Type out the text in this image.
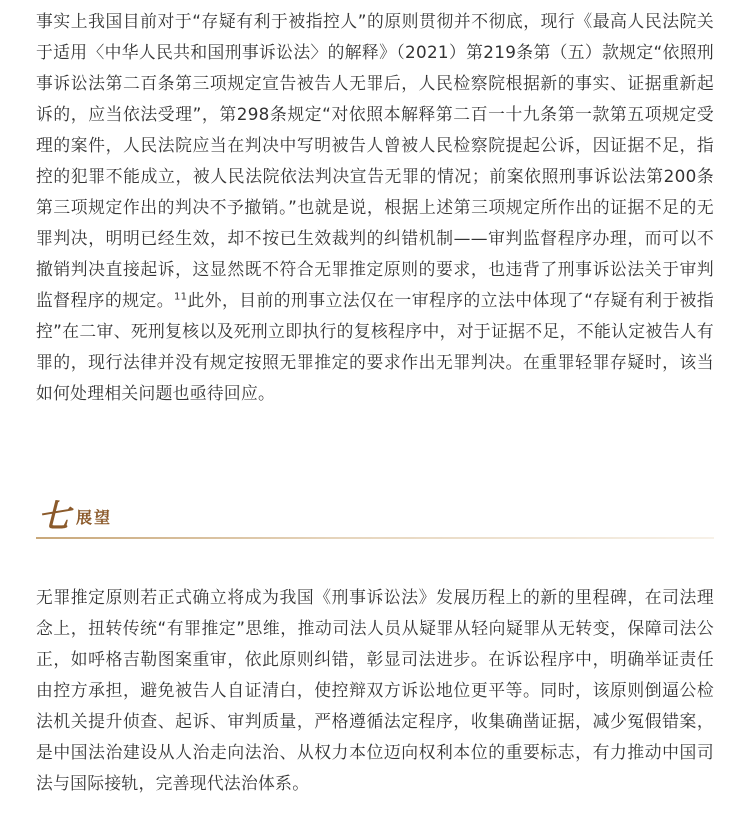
事实上我国目前对于“存疑有利于被指控人”的原则贯彻并不彻底，现行《最高人民法院关于适用〈中华人民共和国刑事诉讼法〉的解释》（2021）第219条第（五）款规定“依照刑事诉讼法第二百条第三项规定宣告被告人无罪后，人民检察院根据新的事实、证据重新起诉的，应当依法受理”，第298条规定“对依照本解释第二百一十九条第一款第五项规定受理的案件，人民法院应当在判决中写明被告人曾被人民检察院提起公诉，因证据不足，指控的犯罪不能成立，被人民法院依法判决宣告无罪的情况；前案依照刑事诉讼法第200条第三项规定作出的判决不予撤销。”也就是说，根据上述第三项规定所作出的证据不足的无罪判决，明明已经生效，却不按已生效裁判的纠错机制——审判监督程序办理，而可以不撤销判决直接起诉，这显然既不符合无罪推定原则的要求，也违背了刑事诉讼法关于审判监督程序的规定。$^{11}$此外，目前的刑事立法仅在一审程序的立法中体现了“存疑有利于被指控”在二审、死刑复核以及死刑立即执行的复核程序中，对于证据不足，不能认定被告人有罪的，现行法律并没有规定按照无罪推定的要求作出无罪判决。在重罪轻罪存疑时，该当如何处理相关问题也亟待回应。

七 展望

无罪推定原则若正式确立将成为我国《刑事诉讼法》发展历程上的新的里程碑，在司法理念上，扭转传统“有罪推定”思维，推动司法人员从疑罪从轻向疑罪从无转变，保障司法公正，如呼格吉勒图案重审，依此原则纠错，彰显司法进步。在诉讼程序中，明确举证责任由控方承担，避免被告人自证清白，使控辩双方诉讼地位更平等。同时，该原则倒逼公检法机关提升侦查、起诉、审判质量，严格遵循法定程序，收集确凿证据，减少冤假错案，是中国法治建设从人治走向法治、从权力本位迈向权利本位的重要标志，有力推动中国司法与国际接轨，完善现代法治体系。
